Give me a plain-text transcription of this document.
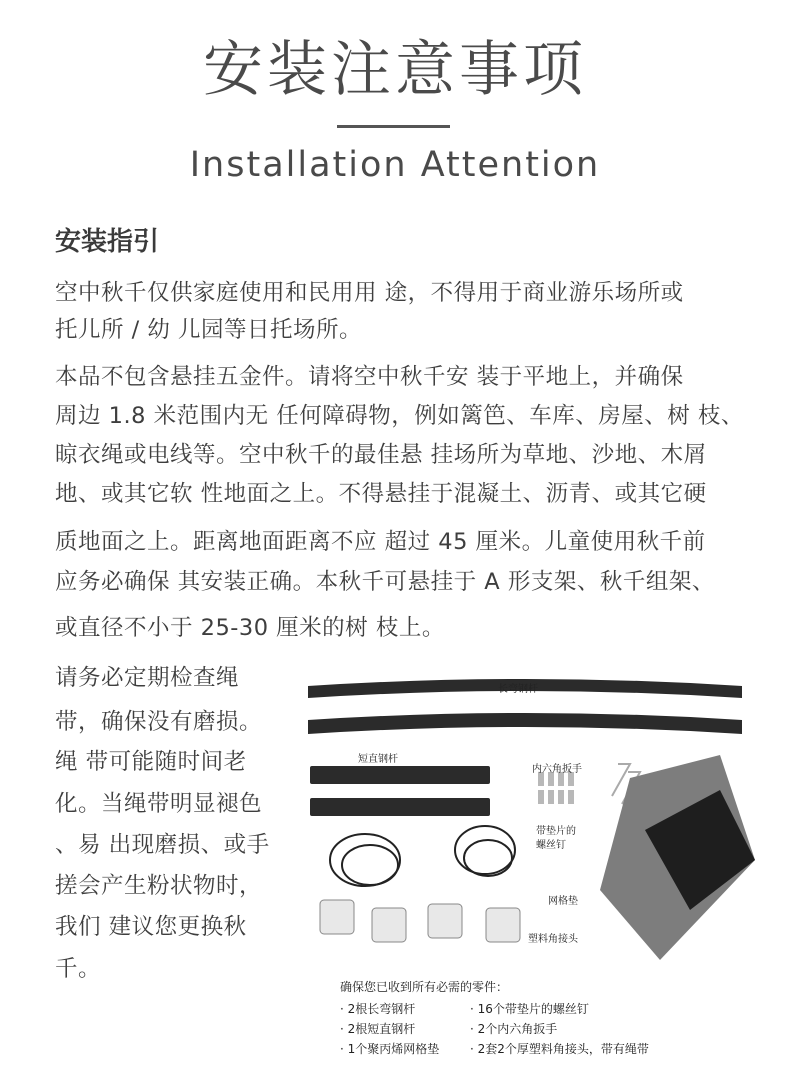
安装注意事项
Installation Attention
安装指引
空中秋千仅供家庭使用和民用用 途，不得用于商业游乐场所或
托儿所 / 幼 儿园等日托场所。
本品不包含悬挂五金件。请将空中秋千安 装于平地上，并确保
周边 1.8 米范围内无 任何障碍物，例如篱笆、车库、房屋、树 枝、
晾衣绳或电线等。空中秋千的最佳悬 挂场所为草地、沙地、木屑
地、或其它软 性地面之上。不得悬挂于混凝土、沥青、或其它硬
质地面之上。距离地面距离不应 超过 45 厘米。儿童使用秋千前
应务必确保 其安装正确。本秋千可悬挂于 A 形支架、秋千组架、
或直径不小于 25-30 厘米的树 枝上。
请务必定期检查绳
带，确保没有磨损。
绳 带可能随时间老
化。当绳带明显褪色
、易 出现磨损、或手
搓会产生粉状物时，
我们 建议您更换秋
千。
长弯钢杆
短直钢杆
内六角扳手
带垫片的
螺丝钉
网格垫
塑料角接头
确保您已收到所有必需的零件：
· 2根长弯钢杆
· 2根短直钢杆
· 1个聚丙烯网格垫
· 16个带垫片的螺丝钉
· 2个内六角扳手
· 2套2个厚塑料角接头，带有绳带
